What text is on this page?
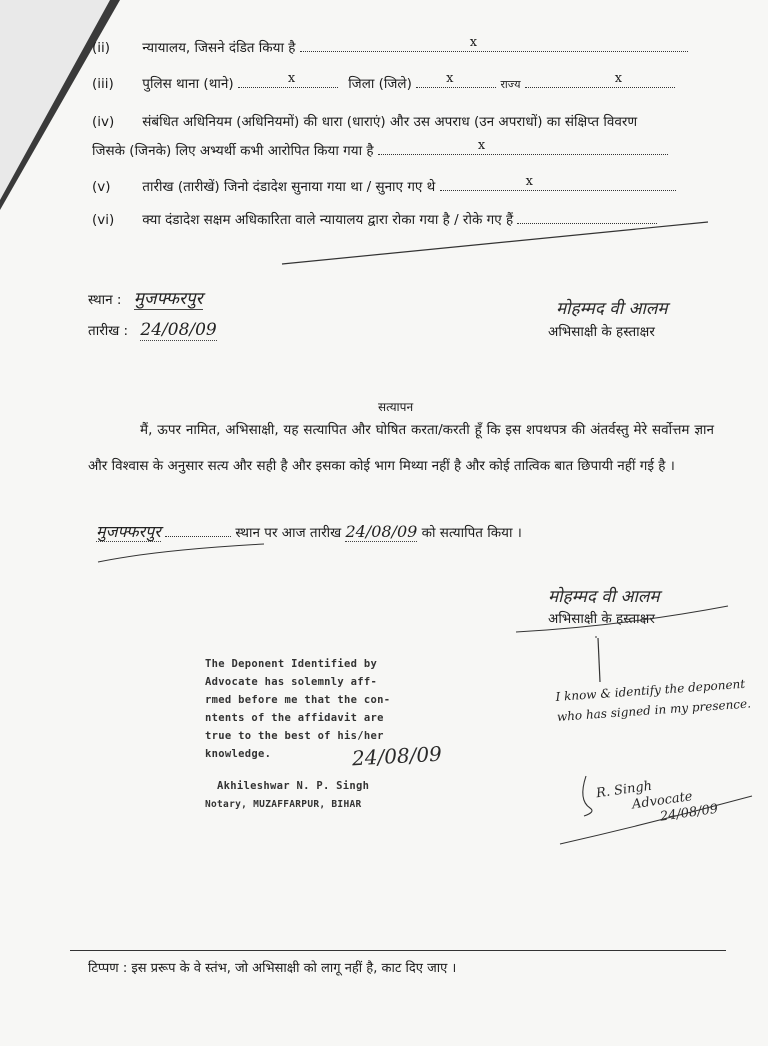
(ii) न्यायालय, जिसने दंडित किया है	x
(iii) पुलिस थाना (थाने)	x	जिला (जिले)	x	राज्य	x
(iv) संबंधित अधिनियम (अधिनियमों) की धारा (धाराएं) और उस अपराध (उन अपराधों) का संक्षिप्त विवरण
जिसके (जिनके) लिए अभ्यर्थी कभी आरोपित किया गया है	x
(v) तारीख (तारीखें) जिनो दंडादेश सुनाया गया था / सुनाए गए थे	x
(vi) क्या दंडादेश सक्षम अधिकारिता वाले न्यायालय द्वारा रोका गया है / रोके गए हैं
स्थान : मुजफ्फरपुर
तारीख : 24/08/09
मोहम्मद वी आलम
अभिसाक्षी के हस्ताक्षर
सत्यापन
मैं, ऊपर नामित, अभिसाक्षी, यह सत्यापित और घोषित करता/करती हूँ कि इस शपथपत्र की अंतर्वस्तु मेरे सर्वोत्तम ज्ञान और विश्वास के अनुसार सत्य और सही है और इसका कोई भाग मिथ्या नहीं है और कोई तात्विक बात छिपायी नहीं गई है ।
मुजफ्फरपुर	स्थान पर आज तारीख 24/08/09 को सत्यापित किया ।
मोहम्मद वी आलम
अभिसाक्षी के हस्ताक्षर
The Deponent Identified by
Advocate has solemnly aff-
rmed before me that the con-
ntents of the affidavit are
true to the best of his/her
knowledge.
Akhileshwar N. P. Singh
Notary, MUZAFFARPUR, BIHAR
24/08/09
I know & identify the deponent who has signed in my presence.
R. Singh
Advocate
24/08/09
टिप्पण : इस प्ररूप के वे स्तंभ, जो अभिसाक्षी को लागू नहीं है, काट दिए जाए ।
